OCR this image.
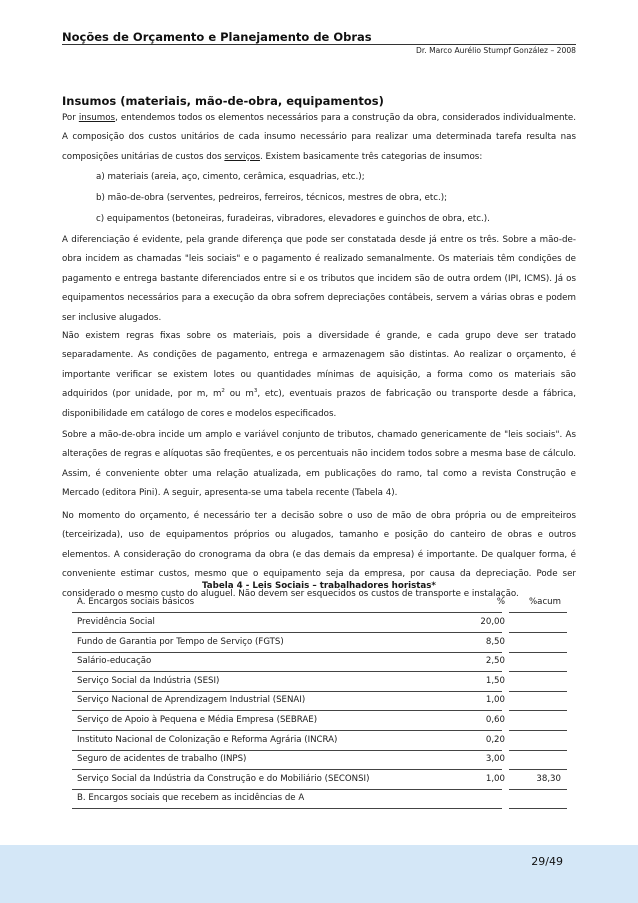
Noções de Orçamento e Planejamento de Obras
Dr. Marco Aurélio Stumpf González – 2008
Insumos (materiais, mão-de-obra, equipamentos)
Por insumos, entendemos todos os elementos necessários para a construção da obra, considerados individualmente. A composição dos custos unitários de cada insumo necessário para realizar uma determinada tarefa resulta nas composições unitárias de custos dos serviços. Existem basicamente três categorias de insumos:
a) materiais (areia, aço, cimento, cerâmica, esquadrias, etc.);
b) mão-de-obra (serventes, pedreiros, ferreiros, técnicos, mestres de obra, etc.);
c) equipamentos (betoneiras, furadeiras, vibradores, elevadores e guinchos de obra, etc.).
A diferenciação é evidente, pela grande diferença que pode ser constatada desde já entre os três. Sobre a mão-de-obra incidem as chamadas "leis sociais" e o pagamento é realizado semanalmente. Os materiais têm condições de pagamento e entrega bastante diferenciados entre si e os tributos que incidem são de outra ordem (IPI, ICMS). Já os equipamentos necessários para a execução da obra sofrem depreciações contábeis, servem a várias obras e podem ser inclusive alugados.
Não existem regras fixas sobre os materiais, pois a diversidade é grande, e cada grupo deve ser tratado separadamente. As condições de pagamento, entrega e armazenagem são distintas. Ao realizar o orçamento, é importante verificar se existem lotes ou quantidades mínimas de aquisição, a forma como os materiais são adquiridos (por unidade, por m, $m^2$ ou $m^3$, etc), eventuais prazos de fabricação ou transporte desde a fábrica, disponibilidade em catálogo de cores e modelos especificados.
Sobre a mão-de-obra incide um amplo e variável conjunto de tributos, chamado genericamente de "leis sociais". As alterações de regras e alíquotas são freqüentes, e os percentuais não incidem todos sobre a mesma base de cálculo. Assim, é conveniente obter uma relação atualizada, em publicações do ramo, tal como a revista Construção e Mercado (editora Pini). A seguir, apresenta-se uma tabela recente (Tabela 4).
No momento do orçamento, é necessário ter a decisão sobre o uso de mão de obra própria ou de empreiteiros (terceirizada), uso de equipamentos próprios ou alugados, tamanho e posição do canteiro de obras e outros elementos. A consideração do cronograma da obra (e das demais da empresa) é importante. De qualquer forma, é conveniente estimar custos, mesmo que o equipamento seja da empresa, por causa da depreciação. Pode ser considerado o mesmo custo do aluguel. Não devem ser esquecidos os custos de transporte e instalação.
Tabela 4 - Leis Sociais – trabalhadores horistas*
A. Encargos sociais básicos	%	%acum
Previdência Social	20,00
Fundo de Garantia por Tempo de Serviço (FGTS)	8,50
Salário-educação	2,50
Serviço Social da Indústria (SESI)	1,50
Serviço Nacional de Aprendizagem Industrial (SENAI)	1,00
Serviço de Apoio à Pequena e Média Empresa (SEBRAE)	0,60
Instituto Nacional de Colonização e Reforma Agrária (INCRA)	0,20
Seguro de acidentes de trabalho (INPS)	3,00
Serviço Social da Indústria da Construção e do Mobiliário (SECONSI)	1,00	38,30
B. Encargos sociais que recebem as incidências de A
29/49
